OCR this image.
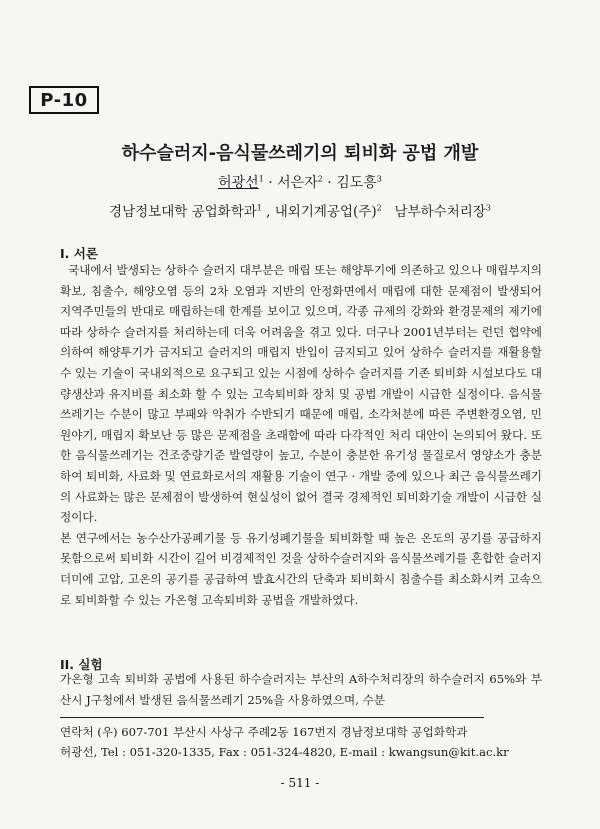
P-10
하수슬러지-음식물쓰레기의 퇴비화 공법 개발
허광선$^1$ · 서은자$^2$ · 김도흥$^3$
경남정보대학 공업화학과$^1$ , 내외기계공업(주)$^2$   남부하수처리장$^3$
I. 서론

국내에서 발생되는 상하수 슬러지 대부분은 매립 또는 해양투기에 의존하고 있으나 매립부지의 확보, 침출수, 해양오염 등의 2차 오염과 지반의 안정화면에서 매립에 대한 문제점이 발생되어 지역주민들의 반대로 매립하는데 한계를 보이고 있으며, 각종 규제의 강화와 환경문제의 제기에 따라 상하수 슬러지를 처리하는데 더욱 어려움을 겪고 있다. 더구나 2001년부터는 런던 협약에 의하여 해양투기가 금지되고 슬러지의 매립지 반입이 금지되고 있어 상하수 슬러지를 재활용할 수 있는 기술이 국내외적으로 요구되고 있는 시점에 상하수 슬러지를 기존 퇴비화 시설보다도 대량생산과 유지비를 최소화 할 수 있는 고속퇴비화 장치 및 공법 개발이 시급한 실정이다. 음식물쓰레기는 수분이 많고 부패와 악취가 수반되기 때문에 매립, 소각처분에 따른 주변환경오염, 민원야기, 매립지 확보난 등 많은 문제점을 초래함에 따라 다각적인 처리 대안이 논의되어 왔다. 또한 음식물쓰레기는 건조중량기준 발열량이 높고, 수분이 충분한 유기성 물질로서 영양소가 충분하여 퇴비화, 사료화 및 연료화로서의 재활용 기술이 연구 · 개발 중에 있으나 최근 음식물쓰레기의 사료화는 많은 문제점이 발생하여 현실성이 없어 결국 경제적인 퇴비화기술 개발이 시급한 실정이다.

본 연구에서는 농수산가공폐기물 등 유기성폐기물을 퇴비화할 때 높은 온도의 공기를 공급하지 못함으로써 퇴비화 시간이 길어 비경제적인 것을 상하수슬러지와 음식물쓰레기를 혼합한 슬러지 더미에 고압, 고온의 공기를 공급하여 발효시간의 단축과 퇴비화시 침출수를 최소화시켜 고속으로 퇴비화할 수 있는 가온형 고속퇴비화 공법을 개발하였다.

II. 실험

가온형 고속 퇴비화 공법에 사용된 하수슬러지는 부산의 A하수처리장의 하수슬러지 65%와 부산시 J구청에서 발생된 음식물쓰레기 25%을 사용하였으며, 수분

연락처 (우) 607-701 부산시 사상구 주례2동 167번지 경남정보대학 공업화학과
허광선, Tel : 051-320-1335, Fax : 051-324-4820, E-mail : kwangsun@kit.ac.kr
- 511 -
